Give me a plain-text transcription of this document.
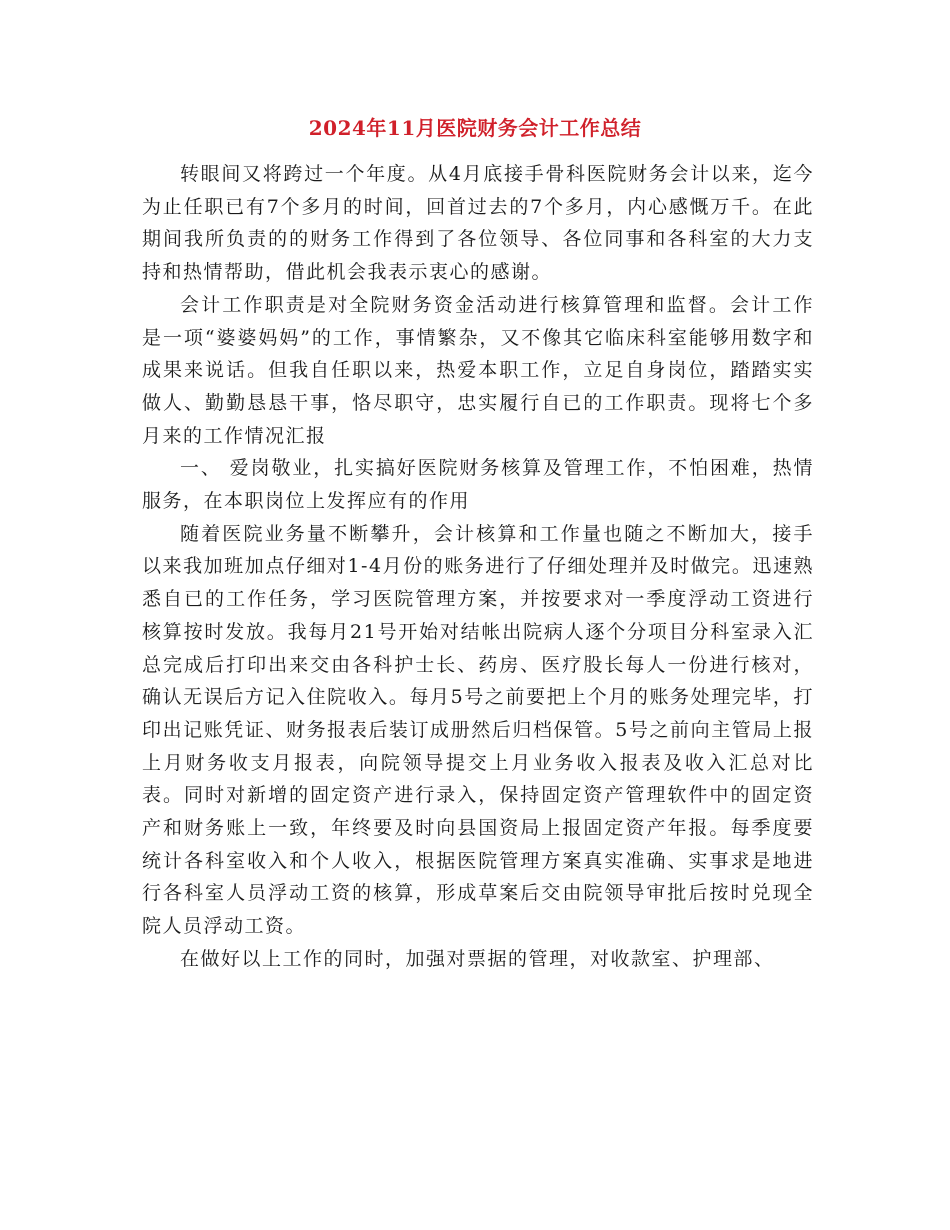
2024年11月医院财务会计工作总结

转眼间又将跨过一个年度。从4月底接手骨科医院财务会计以来，迄今为止任职已有7个多月的时间，回首过去的7个多月，内心感慨万千。在此期间我所负责的的财务工作得到了各位领导、各位同事和各科室的大力支持和热情帮助，借此机会我表示衷心的感谢。

会计工作职责是对全院财务资金活动进行核算管理和监督。会计工作是一项“婆婆妈妈”的工作，事情繁杂，又不像其它临床科室能够用数字和成果来说话。但我自任职以来，热爱本职工作，立足自身岗位，踏踏实实做人、勤勤恳恳干事，恪尽职守，忠实履行自已的工作职责。现将七个多月来的工作情况汇报

一、 爱岗敬业，扎实搞好医院财务核算及管理工作，不怕困难，热情服务，在本职岗位上发挥应有的作用

随着医院业务量不断攀升，会计核算和工作量也随之不断加大，接手以来我加班加点仔细对1-4月份的账务进行了仔细处理并及时做完。迅速熟悉自已的工作任务，学习医院管理方案，并按要求对一季度浮动工资进行核算按时发放。我每月21号开始对结帐出院病人逐个分项目分科室录入汇总完成后打印出来交由各科护士长、药房、医疗股长每人一份进行核对，确认无误后方记入住院收入。每月5号之前要把上个月的账务处理完毕，打印出记账凭证、财务报表后装订成册然后归档保管。5号之前向主管局上报上月财务收支月报表，向院领导提交上月业务收入报表及收入汇总对比表。同时对新增的固定资产进行录入，保持固定资产管理软件中的固定资产和财务账上一致，年终要及时向县国资局上报固定资产年报。每季度要统计各科室收入和个人收入，根据医院管理方案真实准确、实事求是地进行各科室人员浮动工资的核算，形成草案后交由院领导审批后按时兑现全院人员浮动工资。

在做好以上工作的同时，加强对票据的管理，对收款室、护理部、
